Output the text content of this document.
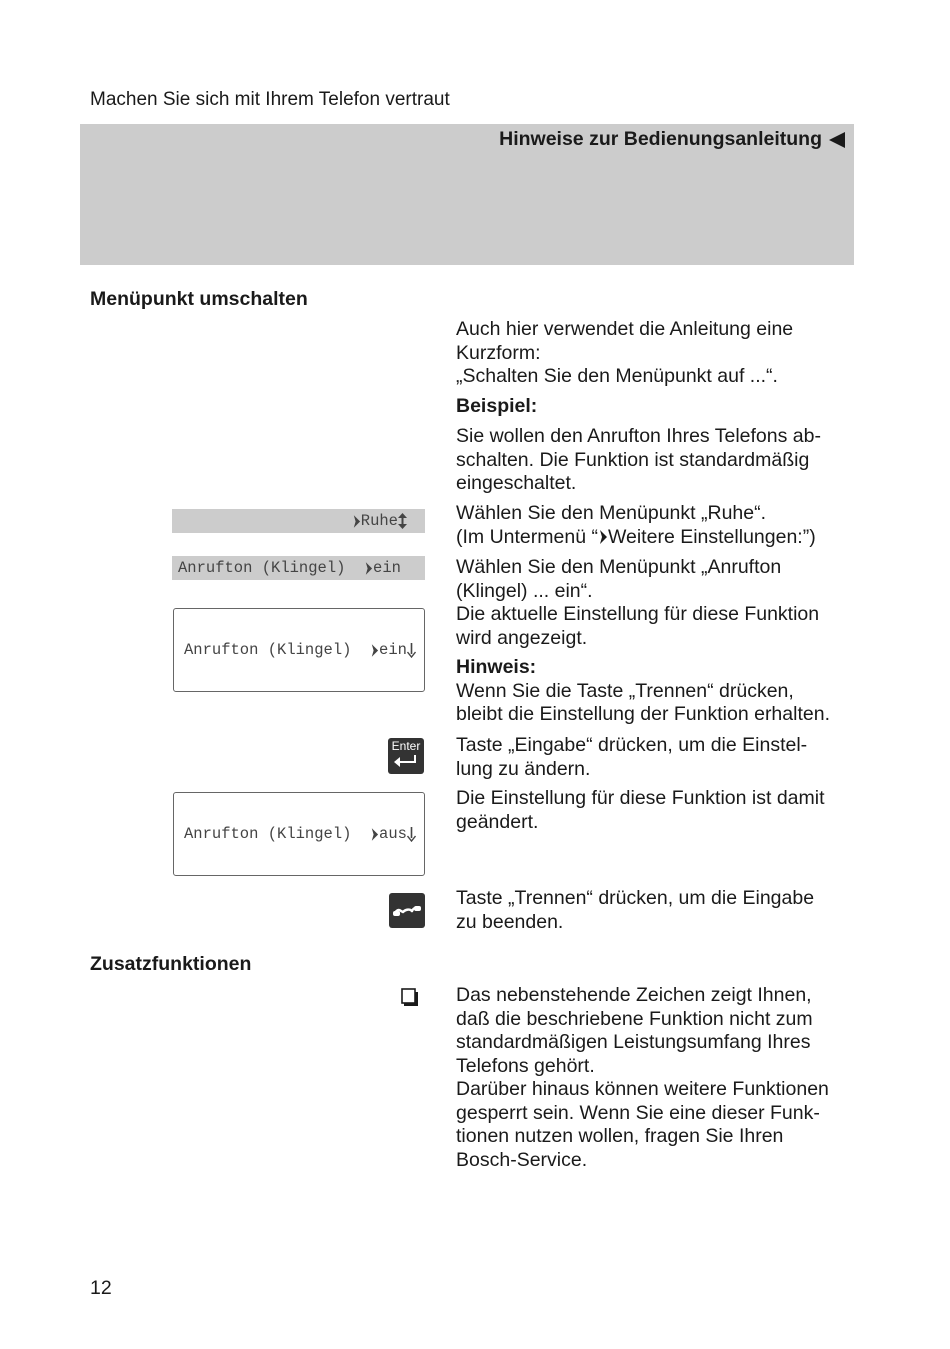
Machen Sie sich mit Ihrem Telefon vertraut
Hinweise zur Bedienungsanleitung
Menüpunkt umschalten
Auch hier verwendet die Anleitung eine
Kurzform:
„Schalten Sie den Menüpunkt auf ...“.
Beispiel:
Sie wollen den Anrufton Ihres Telefons ab-
schalten. Die Funktion ist standardmäßig
eingeschaltet.
Wählen Sie den Menüpunkt „Ruhe“.
(Im Untermenü “ Weitere Einstellungen:”)
Wählen Sie den Menüpunkt „Anrufton
(Klingel) ... ein“.
Die aktuelle Einstellung für diese Funktion
wird angezeigt.
Hinweis:
Wenn Sie die Taste „Trennen“ drücken,
bleibt die Einstellung der Funktion erhalten.
Taste „Eingabe“ drücken, um die Einstel-
lung zu ändern.
Die Einstellung für diese Funktion ist damit
geändert.
Taste „Trennen“ drücken, um die Eingabe
zu beenden.
Ruhe
Anrufton (Klingel) ein
Anrufton (Klingel) ein
Enter
Anrufton (Klingel) aus
Zusatzfunktionen
Das nebenstehende Zeichen zeigt Ihnen,
daß die beschriebene Funktion nicht zum
standardmäßigen Leistungsumfang Ihres
Telefons gehört.
Darüber hinaus können weitere Funktionen
gesperrt sein. Wenn Sie eine dieser Funk-
tionen nutzen wollen, fragen Sie Ihren
Bosch-Service.
12
